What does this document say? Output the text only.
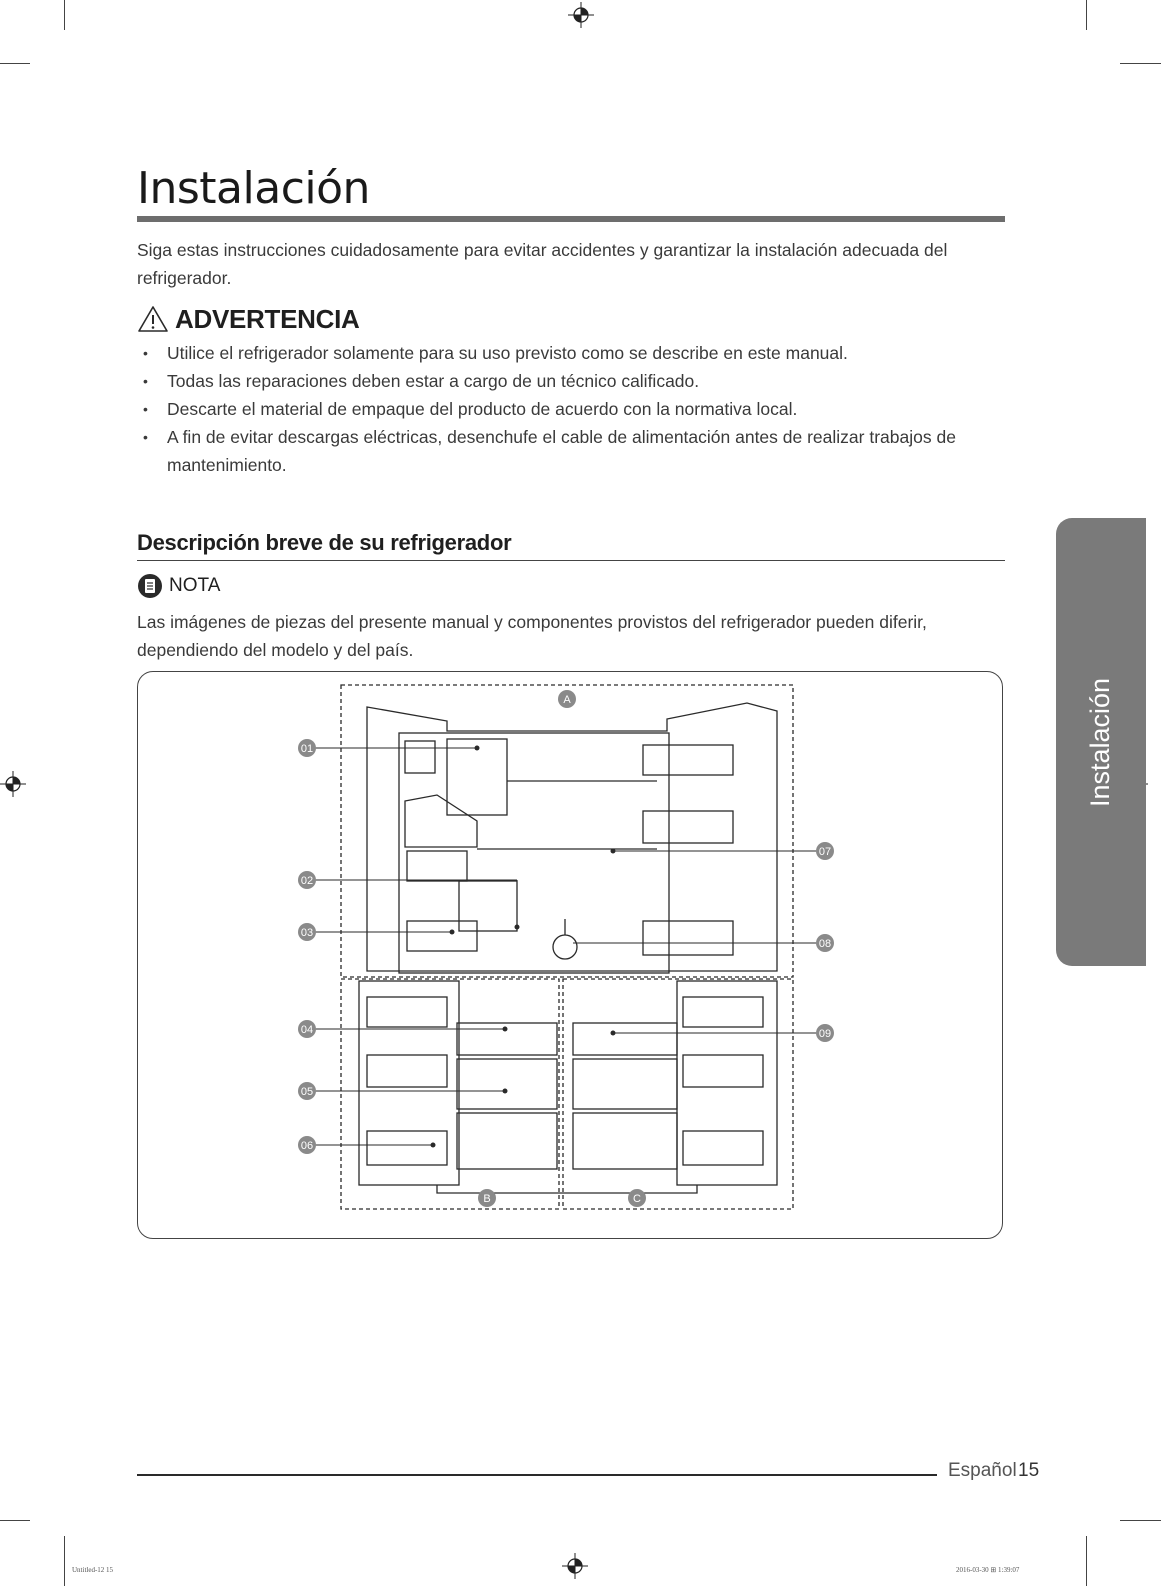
Instalación
Siga estas instrucciones cuidadosamente para evitar accidentes y garantizar la instalación adecuada del refrigerador.
ADVERTENCIA
• Utilice el refrigerador solamente para su uso previsto como se describe en este manual.
• Todas las reparaciones deben estar a cargo de un técnico calificado.
• Descarte el material de empaque del producto de acuerdo con la normativa local.
• A fin de evitar descargas eléctricas, desenchufe el cable de alimentación antes de realizar trabajos de mantenimiento.
Descripción breve de su refrigerador
NOTA
Las imágenes de piezas del presente manual y componentes provistos del refrigerador pueden diferir, dependiendo del modelo y del país.
A
B	C
01
02
03
04
05
06
07
08
09
Instalación
Español 15
Untitled-12 15	2016-03-30 ⊞ 1:39:07
